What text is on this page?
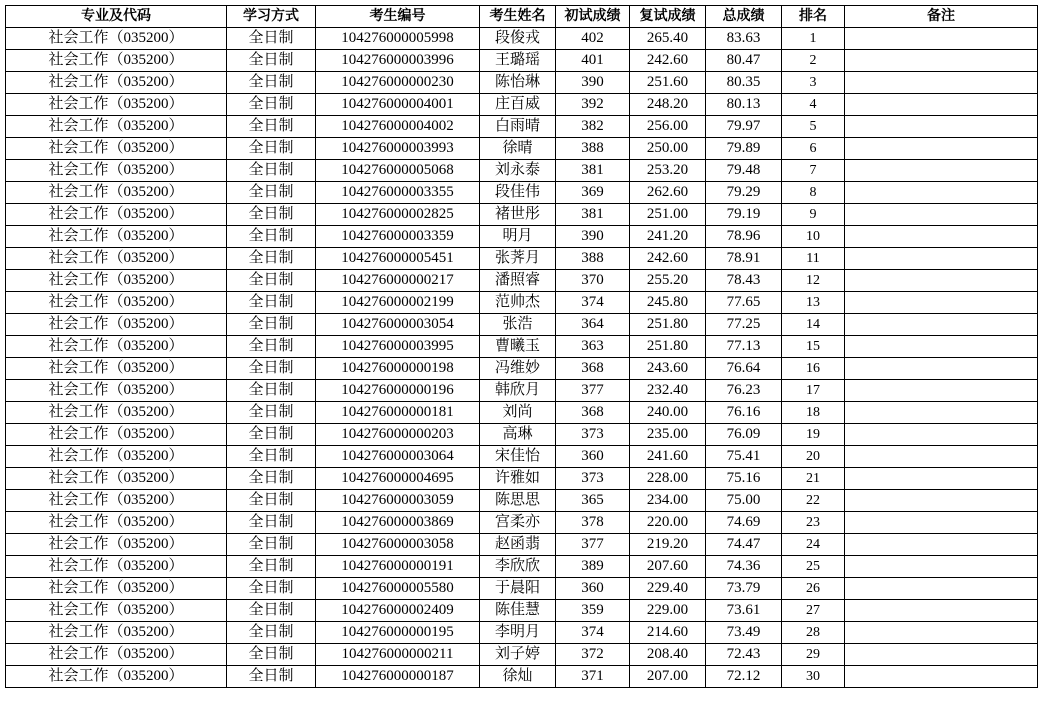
专业及代码	学习方式	考生编号	考生姓名	初试成绩	复试成绩	总成绩	排名	备注
社会工作（035200）	全日制	104276000005998	段俊戎	402	265.40	83.63	1	
社会工作（035200）	全日制	104276000003996	王璐瑶	401	242.60	80.47	2	
社会工作（035200）	全日制	104276000000230	陈怡琳	390	251.60	80.35	3	
社会工作（035200）	全日制	104276000004001	庄百威	392	248.20	80.13	4	
社会工作（035200）	全日制	104276000004002	白雨晴	382	256.00	79.97	5	
社会工作（035200）	全日制	104276000003993	徐晴	388	250.00	79.89	6	
社会工作（035200）	全日制	104276000005068	刘永泰	381	253.20	79.48	7	
社会工作（035200）	全日制	104276000003355	段佳伟	369	262.60	79.29	8	
社会工作（035200）	全日制	104276000002825	褚世彤	381	251.00	79.19	9	
社会工作（035200）	全日制	104276000003359	明月	390	241.20	78.96	10	
社会工作（035200）	全日制	104276000005451	张荠月	388	242.60	78.91	11	
社会工作（035200）	全日制	104276000000217	潘照睿	370	255.20	78.43	12	
社会工作（035200）	全日制	104276000002199	范帅杰	374	245.80	77.65	13	
社会工作（035200）	全日制	104276000003054	张浩	364	251.80	77.25	14	
社会工作（035200）	全日制	104276000003995	曹曦玉	363	251.80	77.13	15	
社会工作（035200）	全日制	104276000000198	冯维妙	368	243.60	76.64	16	
社会工作（035200）	全日制	104276000000196	韩欣月	377	232.40	76.23	17	
社会工作（035200）	全日制	104276000000181	刘尚	368	240.00	76.16	18	
社会工作（035200）	全日制	104276000000203	高琳	373	235.00	76.09	19	
社会工作（035200）	全日制	104276000003064	宋佳怡	360	241.60	75.41	20	
社会工作（035200）	全日制	104276000004695	许雅如	373	228.00	75.16	21	
社会工作（035200）	全日制	104276000003059	陈思思	365	234.00	75.00	22	
社会工作（035200）	全日制	104276000003869	宫柔亦	378	220.00	74.69	23	
社会工作（035200）	全日制	104276000003058	赵函翡	377	219.20	74.47	24	
社会工作（035200）	全日制	104276000000191	李欣欣	389	207.60	74.36	25	
社会工作（035200）	全日制	104276000005580	于晨阳	360	229.40	73.79	26	
社会工作（035200）	全日制	104276000002409	陈佳慧	359	229.00	73.61	27	
社会工作（035200）	全日制	104276000000195	李明月	374	214.60	73.49	28	
社会工作（035200）	全日制	104276000000211	刘子婷	372	208.40	72.43	29	
社会工作（035200）	全日制	104276000000187	徐灿	371	207.00	72.12	30	
